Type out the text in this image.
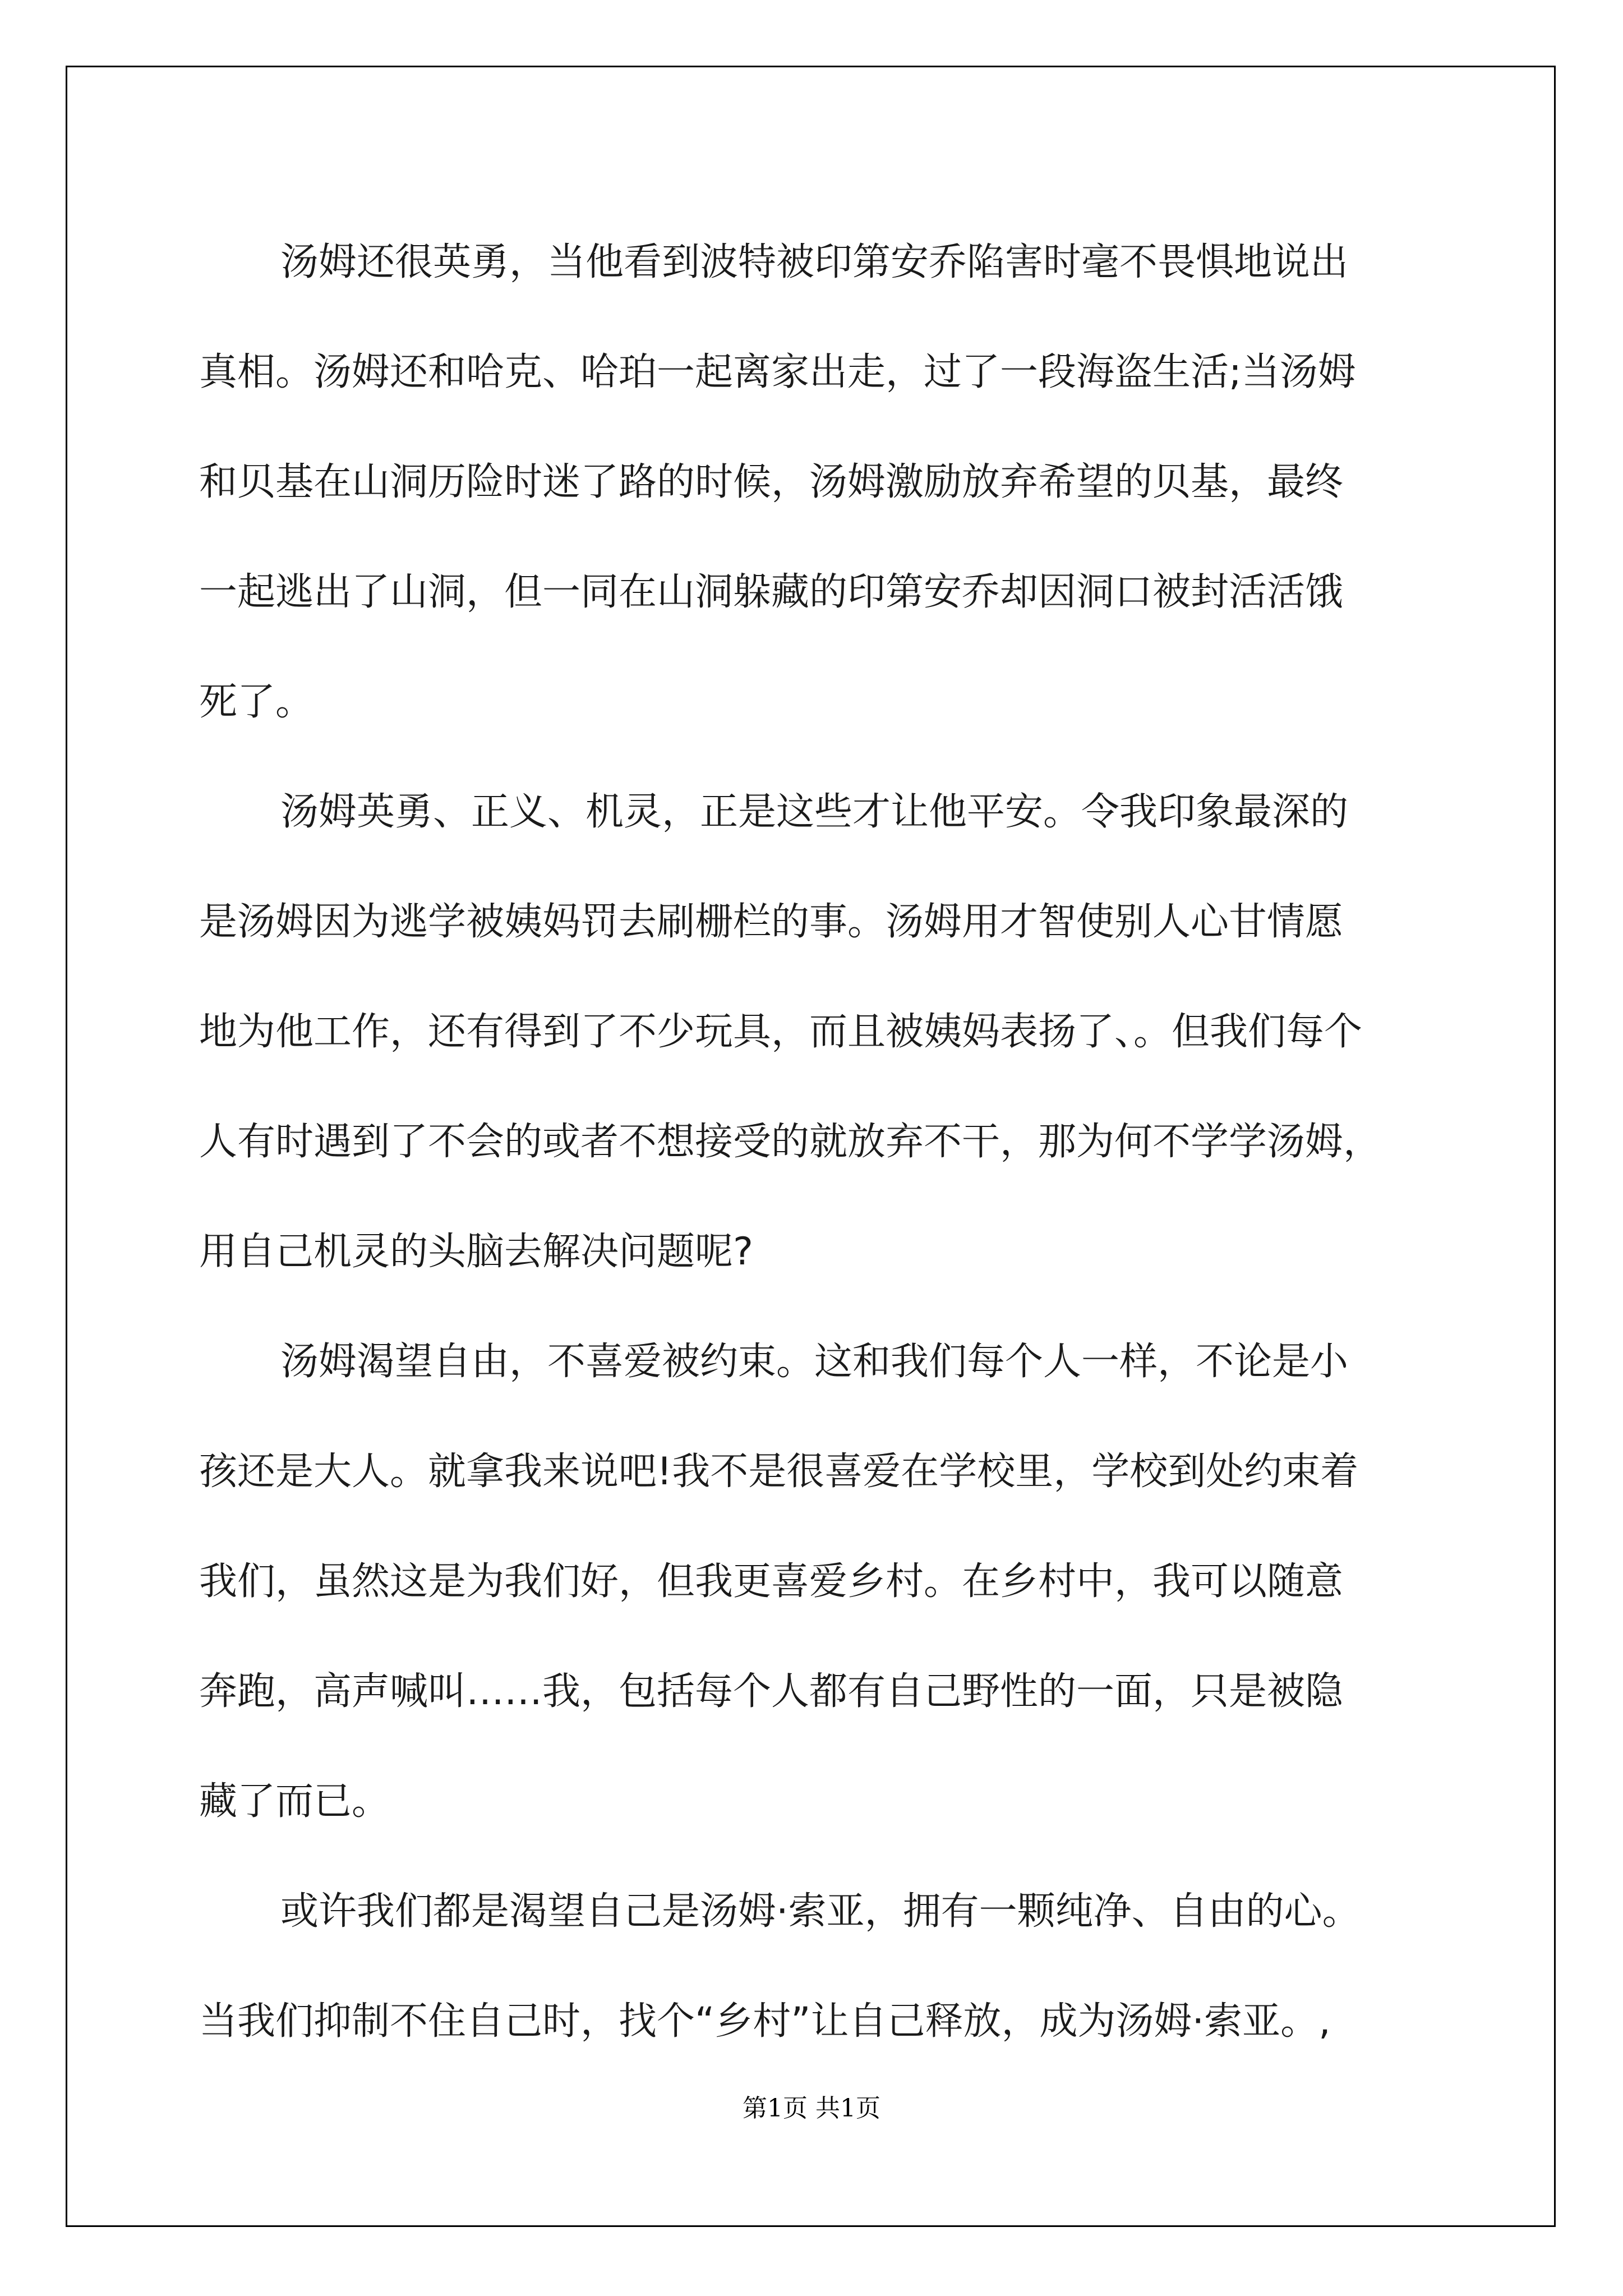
汤姆还很英勇，当他看到波特被印第安乔陷害时毫不畏惧地说出
真相。汤姆还和哈克、哈珀一起离家出走，过了一段海盗生活;当汤姆
和贝基在山洞历险时迷了路的时候，汤姆激励放弃希望的贝基，最终
一起逃出了山洞，但一同在山洞躲藏的印第安乔却因洞口被封活活饿
死了。
汤姆英勇、正义、机灵，正是这些才让他平安。令我印象最深的
是汤姆因为逃学被姨妈罚去刷栅栏的事。汤姆用才智使别人心甘情愿
地为他工作，还有得到了不少玩具，而且被姨妈表扬了、。但我们每个
人有时遇到了不会的或者不想接受的就放弃不干，那为何不学学汤姆，
用自己机灵的头脑去解决问题呢?
汤姆渴望自由，不喜爱被约束。这和我们每个人一样，不论是小
孩还是大人。就拿我来说吧!我不是很喜爱在学校里，学校到处约束着
我们，虽然这是为我们好，但我更喜爱乡村。在乡村中，我可以随意
奔跑，高声喊叫……我，包括每个人都有自己野性的一面，只是被隐
藏了而已。
或许我们都是渴望自己是汤姆·索亚，拥有一颗纯净、自由的心。
当我们抑制不住自己时，找个“乡村”让自己释放，成为汤姆·索亚。,
第1页 共1页
